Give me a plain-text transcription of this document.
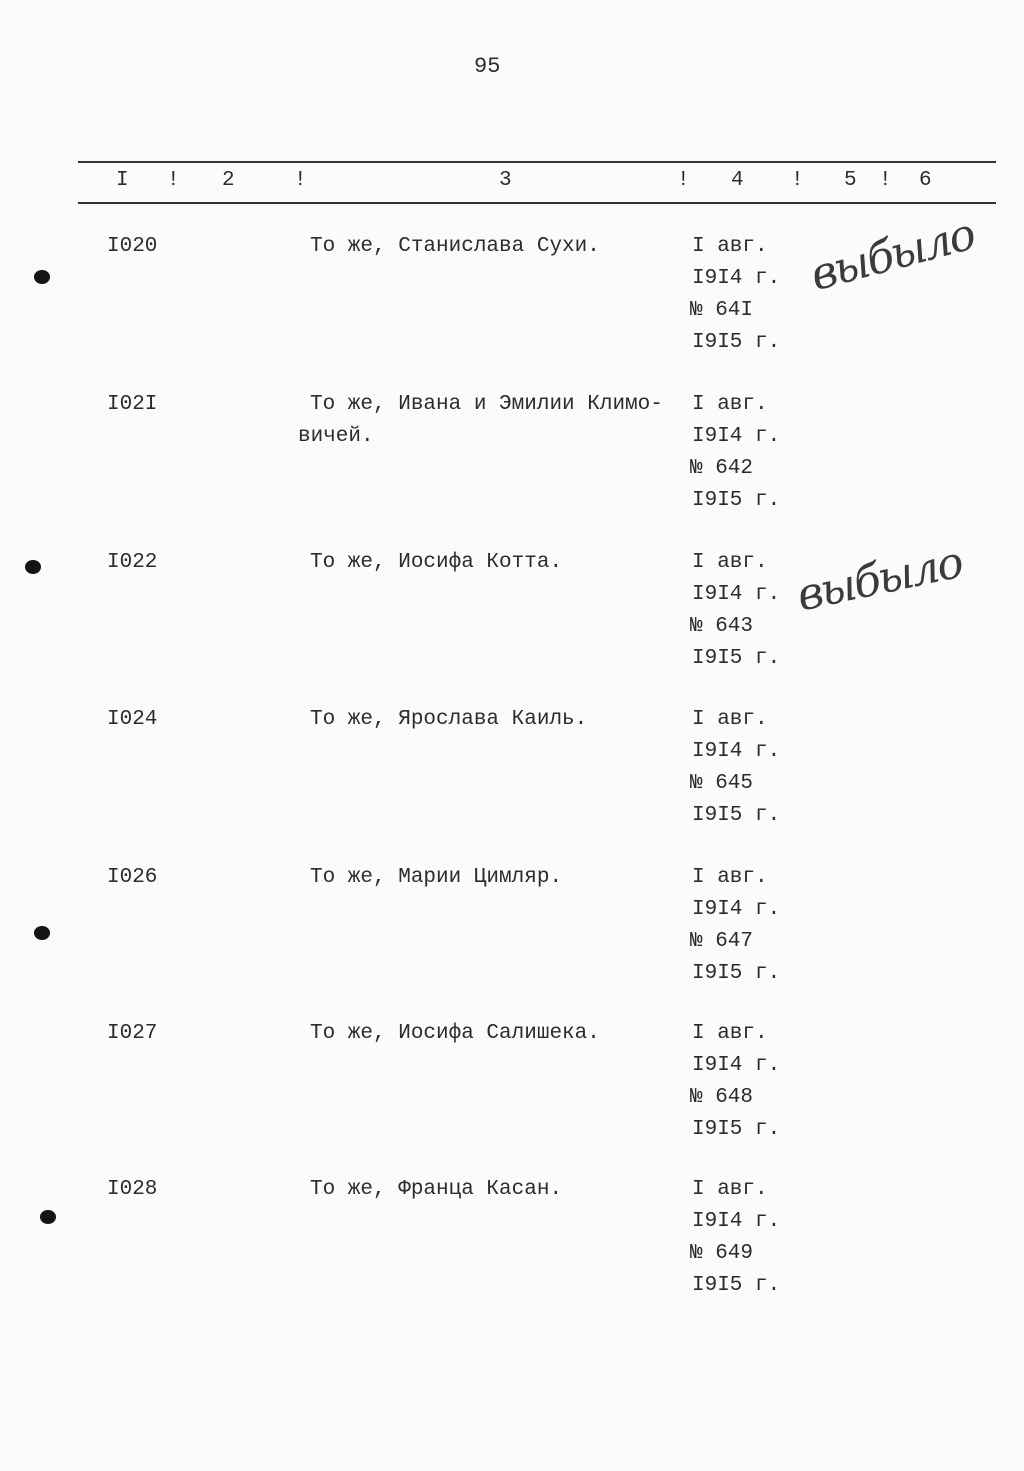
95
I ! 2	!	3	! 4 ! 5 ! 6
I020	То же, Станислава Сухи.	I авг.
I9I4 г.
№ 64I
I9I5 г.
выбыло
I02I	То же, Ивана и Эмилии Климо-
вичей.
I авг.
I9I4 г.
№ 642
I9I5 г.
I022	То же, Иосифа Котта.	I авг.
I9I4 г.
№ 643
I9I5 г.
выбыло
I024	То же, Ярослава Каиль.	I авг.
I9I4 г.
№ 645
I9I5 г.
I026	То же, Марии Цимляр.	I авг.
I9I4 г.
№ 647
I9I5 г.
I027	То же, Иосифа Салишека.	I авг.
I9I4 г.
№ 648
I9I5 г.
I028	То же, Франца Касан.	I авг.
I9I4 г.
№ 649
I9I5 г.
